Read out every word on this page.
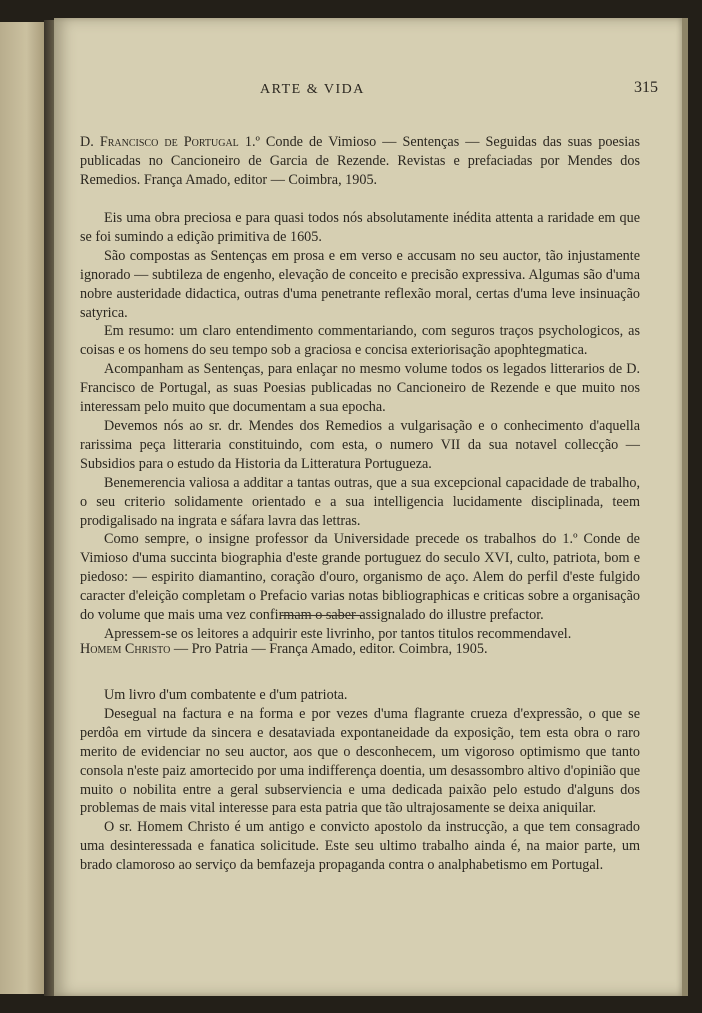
ARTE & VIDA	315

D. Francisco de Portugal 1.º Conde de Vimioso — Sentenças — Seguidas das suas poesias publicadas no Cancioneiro de Garcia de Rezende. Revistas e prefaciadas por Mendes dos Remedios. França Amado, editor — Coimbra, 1905.

Eis uma obra preciosa e para quasi todos nós absolutamente inédita attenta a raridade em que se foi sumindo a edição primitiva de 1605.

São compostas as Sentenças em prosa e em verso e accusam no seu auctor, tão injustamente ignorado — subtileza de engenho, elevação de conceito e precisão expressiva. Algumas são d'uma nobre austeridade didactica, outras d'uma penetrante reflexão moral, certas d'uma leve insinuação satyrica.

Em resumo: um claro entendimento commentariando, com seguros traços psychologicos, as coisas e os homens do seu tempo sob a graciosa e concisa exteriorisação apophtegmatica.

Acompanham as Sentenças, para enlaçar no mesmo volume todos os legados litterarios de D. Francisco de Portugal, as suas Poesias publicadas no Cancioneiro de Rezende e que muito nos interessam pelo muito que documentam a sua epocha.

Devemos nós ao sr. dr. Mendes dos Remedios a vulgarisação e o conhecimento d'aquella rarissima peça litteraria constituindo, com esta, o numero VII da sua notavel collecção — Subsidios para o estudo da Historia da Litteratura Portugueza.

Benemerencia valiosa a additar a tantas outras, que a sua excepcional capacidade de trabalho, o seu criterio solidamente orientado e a sua intelligencia lucidamente disciplinada, teem prodigalisado na ingrata e sáfara lavra das lettras.

Como sempre, o insigne professor da Universidade precede os trabalhos do 1.º Conde de Vimioso d'uma succinta biographia d'este grande portuguez do seculo XVI, culto, patriota, bom e piedoso: — espirito diamantino, coração d'ouro, organismo de aço. Alem do perfil d'este fulgido caracter d'eleição completam o Prefacio varias notas bibliographicas e criticas sobre a organisação do volume que mais uma vez confirmam o saber assignalado do illustre prefactor.

Apressem-se os leitores a adquirir este livrinho, por tantos titulos recommendavel.

Homem Christo — Pro Patria — França Amado, editor. Coimbra, 1905.

Um livro d'um combatente e d'um patriota.

Desegual na factura e na forma e por vezes d'uma flagrante crueza d'expressão, o que se perdôa em virtude da sincera e desataviada expontaneidade da exposição, tem esta obra o raro merito de evidenciar no seu auctor, aos que o desconhecem, um vigoroso optimismo que tanto consola n'este paiz amortecido por uma indifferença doentia, um desassombro altivo d'opinião que muito o nobilita entre a geral subserviencia e uma dedicada paixão pelo estudo d'alguns dos problemas de mais vital interesse para esta patria que tão ultrajosamente se deixa aniquilar.

O sr. Homem Christo é um antigo e convicto apostolo da instrucção, a que tem consagrado uma desinteressada e fanatica solicitude. Este seu ultimo trabalho ainda é, na maior parte, um brado clamoroso ao serviço da bemfazeja propaganda contra o analphabetismo em Portugal.
